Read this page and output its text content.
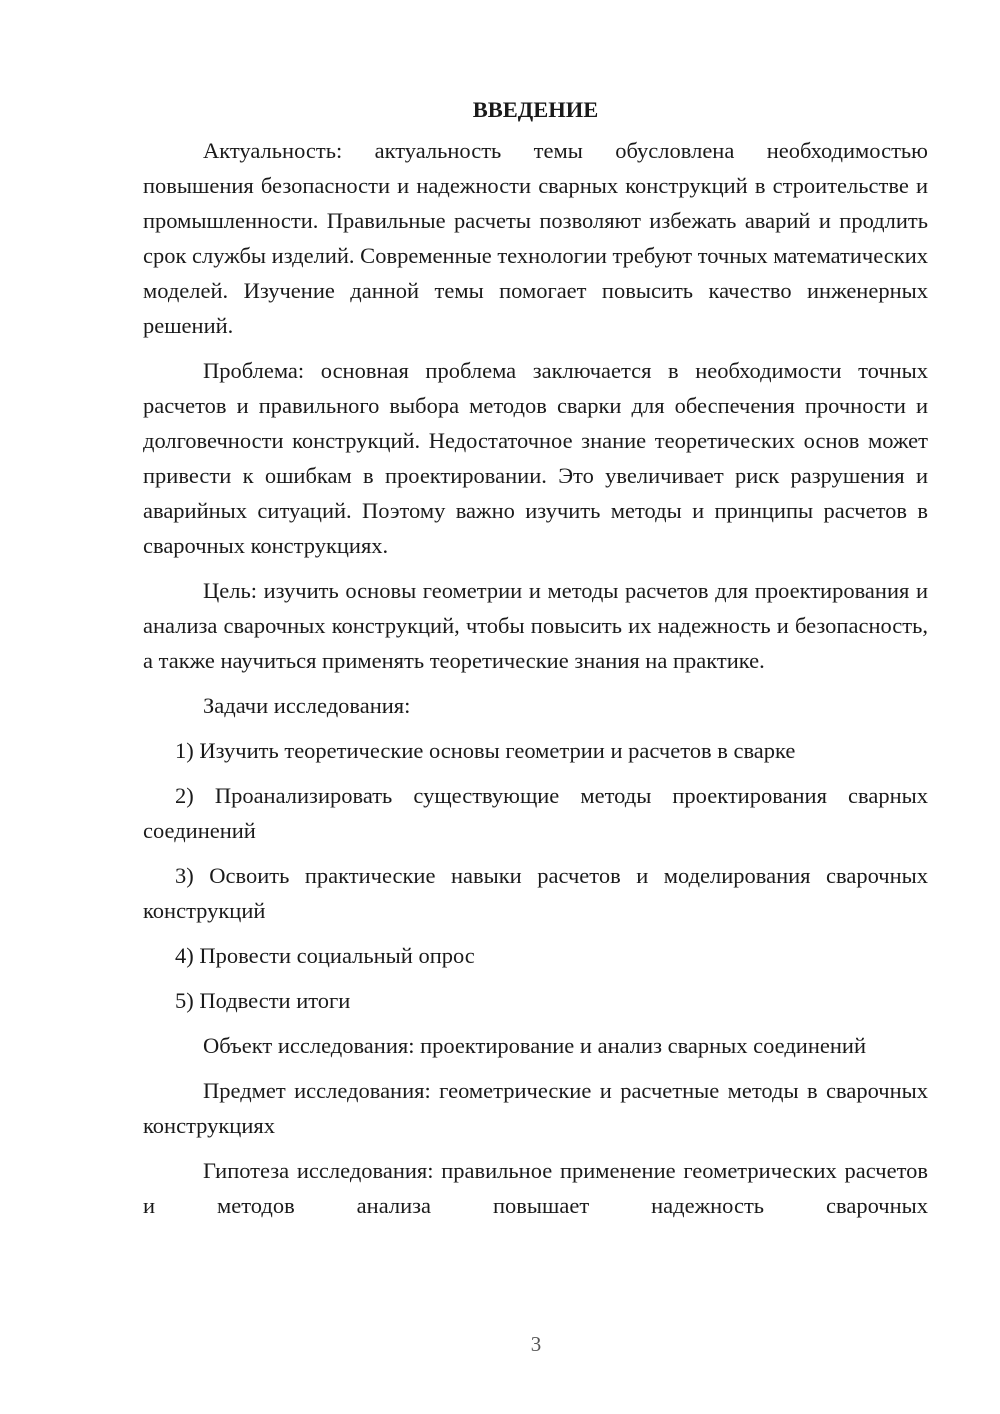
ВВЕДЕНИЕ

Актуальность: актуальность темы обусловлена необходимостью повышения безопасности и надежности сварных конструкций в строительстве и промышленности. Правильные расчеты позволяют избежать аварий и продлить срок службы изделий. Современные технологии требуют точных математических моделей. Изучение данной темы помогает повысить качество инженерных решений.

Проблема: основная проблема заключается в необходимости точных расчетов и правильного выбора методов сварки для обеспечения прочности и долговечности конструкций. Недостаточное знание теоретических основ может привести к ошибкам в проектировании. Это увеличивает риск разрушения и аварийных ситуаций. Поэтому важно изучить методы и принципы расчетов в сварочных конструкциях.

Цель: изучить основы геометрии и методы расчетов для проектирования и анализа сварочных конструкций, чтобы повысить их надежность и безопасность, а также научиться применять теоретические знания на практике.

Задачи исследования:

1) Изучить теоретические основы геометрии и расчетов в сварке

2) Проанализировать существующие методы проектирования сварных соединений

3) Освоить практические навыки расчетов и моделирования сварочных конструкций

4) Провести социальный опрос

5) Подвести итоги

Объект исследования: проектирование и анализ сварных соединений

Предмет исследования: геометрические и расчетные методы в сварочных конструкциях

Гипотеза исследования: правильное применение геометрических расчетов и методов анализа повышает надежность сварочных

3
